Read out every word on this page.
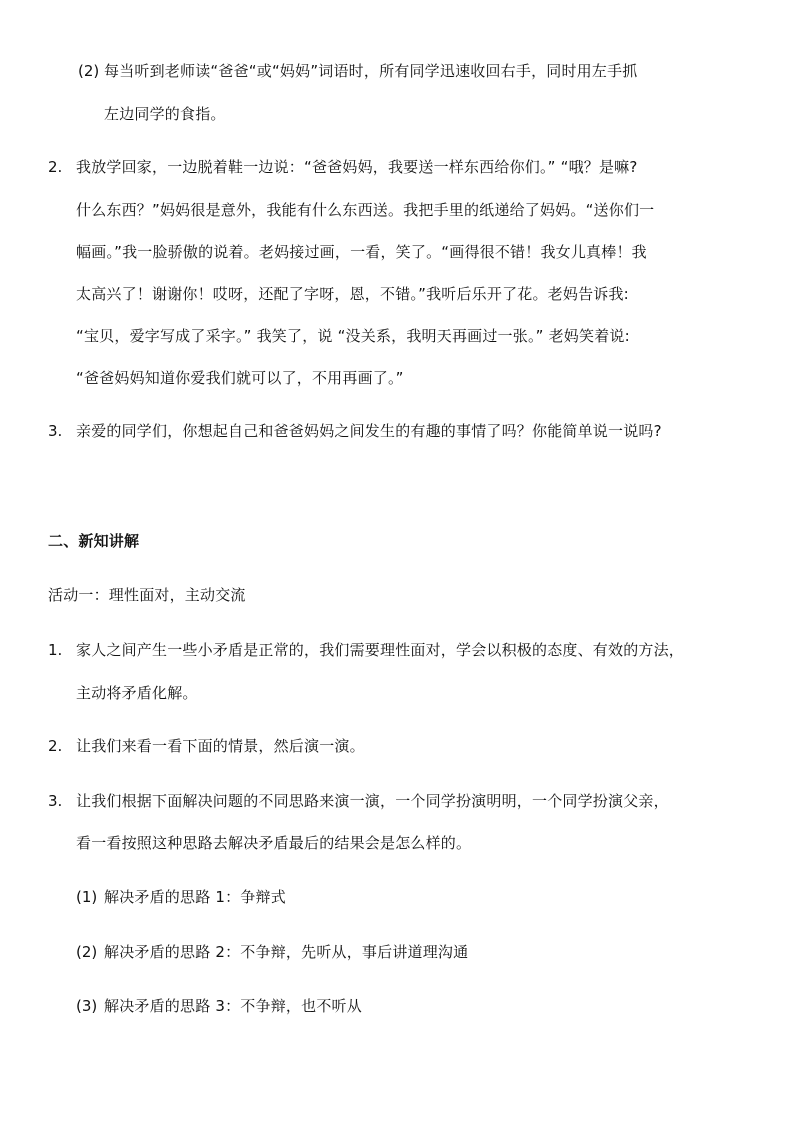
(2) 每当听到老师读“爸爸“或“妈妈”词语时，所有同学迅速收回右手，同时用左手抓
左边同学的食指。
2. 我放学回家，一边脱着鞋一边说：“爸爸妈妈，我要送一样东西给你们。” “哦？是嘛?
什么东西？”妈妈很是意外，我能有什么东西送。我把手里的纸递给了妈妈。“送你们一
幅画。”我一脸骄傲的说着。老妈接过画，一看，笑了。“画得很不错！我女儿真棒！我
太高兴了！谢谢你！哎呀，还配了字呀，恩，不错。”我听后乐开了花。老妈告诉我:
“宝贝，爱字写成了采字。” 我笑了，说 “没关系，我明天再画过一张。” 老妈笑着说:
“爸爸妈妈知道你爱我们就可以了，不用再画了。”
3. 亲爱的同学们，你想起自己和爸爸妈妈之间发生的有趣的事情了吗？你能简单说一说吗?
二、新知讲解
活动一：理性面对，主动交流
1. 家人之间产生一些小矛盾是正常的，我们需要理性面对，学会以积极的态度、有效的方法，
主动将矛盾化解。
2. 让我们来看一看下面的情景，然后演一演。
3. 让我们根据下面解决问题的不同思路来演一演，一个同学扮演明明，一个同学扮演父亲，
看一看按照这种思路去解决矛盾最后的结果会是怎么样的。
(1) 解决矛盾的思路 1：争辩式
(2) 解决矛盾的思路 2：不争辩，先听从，事后讲道理沟通
(3) 解决矛盾的思路 3：不争辩，也不听从
